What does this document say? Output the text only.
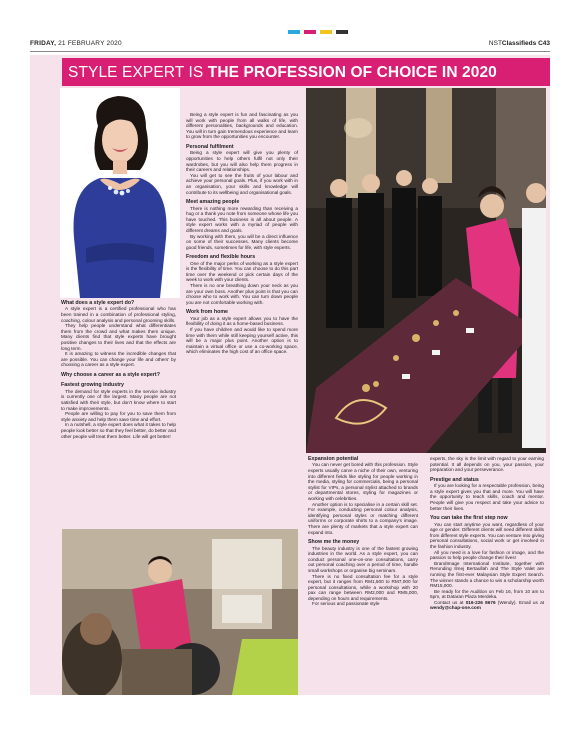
FRIDAY, 21 FEBRUARY 2020	NSTClassifieds C43
STYLE EXPERT IS THE PROFESSION OF CHOICE IN 2020

What does a style expert do?

A style expert is a certified professional who has been trained in a combination of professional styling, coaching, colour analysis and personal grooming skills.

They help people understand what differentiates them from the crowd and what makes them unique. Many clients find that style experts have brought positive changes to their lives and that the effects are long term.

It is amazing to witness the incredible changes that are possible. You can change your life and others' by choosing a career as a style expert.

Why choose a career as a style expert?

Fastest growing industry

The demand for style experts in the service industry is currently one of the largest. Many people are not satisfied with their style, but don't know where to start to make improvements.

People are willing to pay for you to save them from style anxiety and help them save time and effort.

In a nutshell, a style expert does what it takes to help people look better so that they feel better, do better and other people will treat them better. Life will get better!

Being a style expert is fun and fascinating as you will work with people from all walks of life, with different personalities, backgrounds and education. You will in turn gain tremendous experience and learn to grow from the opportunities you encounter.

Personal fulfilment

Being a style expert will give you plenty of opportunities to help others fulfil not only their wardrobes, but you will also help them progress in their careers and relationships.

You will get to see the fruits of your labour and achieve your personal goals. Plus, if you work with in an organisation, your skills and knowledge will contribute to its wellbeing and organisational goals.

Meet amazing people

There is nothing more rewarding than receiving a hug or a thank you note from someone whose life you have touched. This business is all about people. A style expert works with a myriad of people with different dreams and goals.

By working with them, you will be a direct influence on some of their successes. Many clients become good friends, sometimes for life, with style experts.

Freedom and flexible hours

One of the major perks of working as a style expert is the flexibility of time. You can choose to do this part time over the weekend or pick certain days of the week to work with your clients.

There is no one breathing down your neck as you are your own boss. Another plus point is that you can choose who to work with. You can turn down people you are not comfortable working with.

Work from home

Your job as a style expert allows you to have the flexibility of doing it as a home-based business.

If you have children and would like to spend more time with them while still keeping yourself active, this will be a major plus point. Another option is to maintain a virtual office or use a co-working space, which eliminates the high cost of an office space.

Expansion potential

You can never get bored with this profession. Style experts usually carve a niche of their own, venturing into different fields like styling for people working in the media, styling for commercials, being a personal stylist for VIPs, a personal stylist attached to brands or departmental stores, styling for magazines or working with celebrities.

Another option is to specialise in a certain skill set. For example, conducting personal colour analysis, identifying personal styles or matching different uniforms or corporate shirts to a company's image. There are plenty of markets that a style expert can expand into.

Show me the money

The beauty industry is one of the fastest growing industries in the world. As a style expert, you can conduct personal one-on-one consultations, carry out personal coaching over a period of time, handle small workshops or organise big seminars.

There is no fixed consultation fee for a style expert, but it ranges from RM1,500 to RM7,000 for personal consultations, while a workshop with 20 pax can range between RM2,000 and RM5,000, depending on hours and requirements.

For serious and passionate style

experts, the sky is the limit with regard to your earning potential. It all depends on you, your passion, your preparation and your perseverance.

Prestige and status

If you are looking for a respectable profession, being a style expert gives you that and more. You will have the opportunity to teach skills, coach and mentor. People will give you respect and take your advice to better their lives.

You can take the first step now

You can start anytime you want, regardless of your age or gender. Different clients will need different skills from different style experts. You can venture into giving personal consultations, social work or get involved in the fashion industry.

All you need is a love for fashion or image, and the passion to help people change their lives!

BrandImage International Institute, together with Rerunding Ilmej Bertaullah and The Style Valet are running the first-ever Malaysian Style Expert Search. The winner stands a chance to win a scholarship worth RM15,000.

Be ready for the Audition on Feb 16, from 10 am to 5pm, at Dataran Plaza Merdeka.

Contact us at 016-226 8676 (Wendy). Email us at wendy@chap-one.com
